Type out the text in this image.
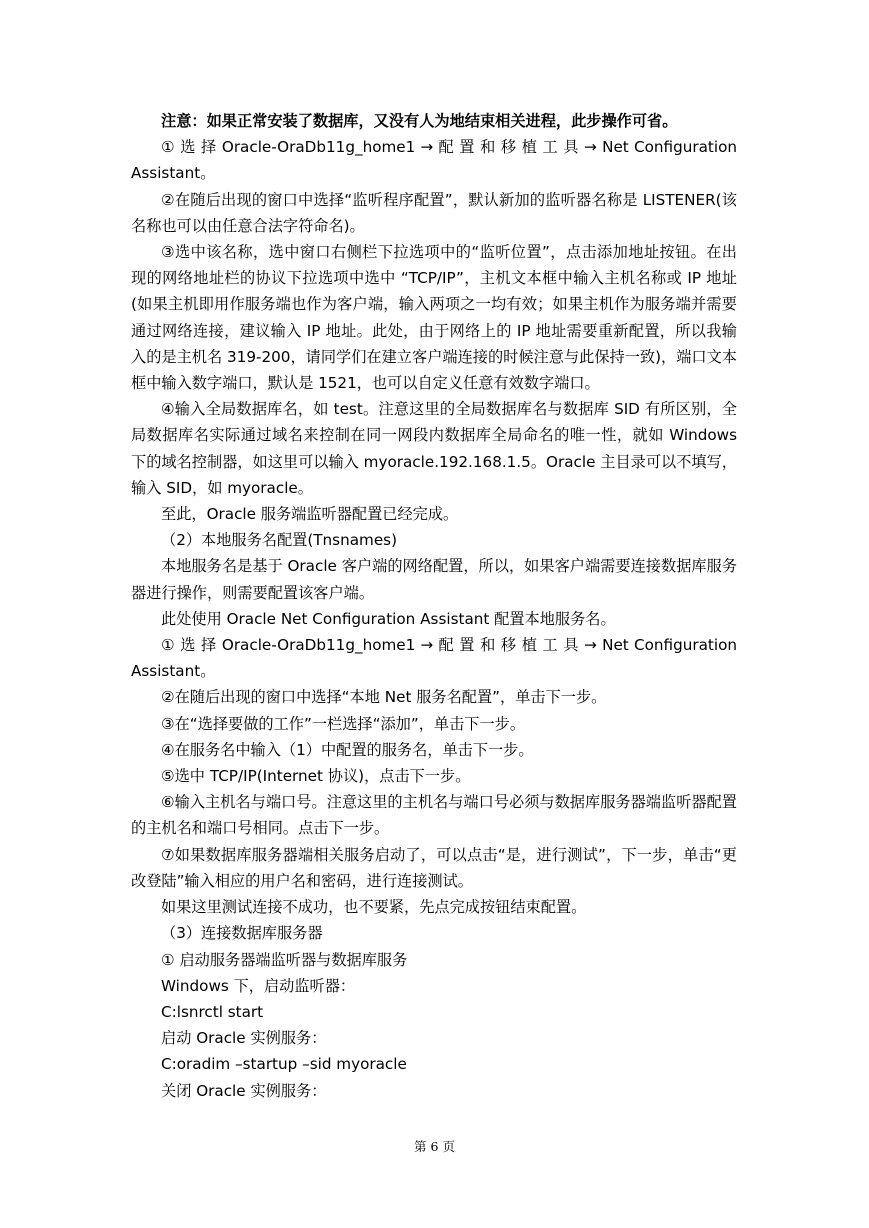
注意：如果正常安装了数据库，又没有人为地结束相关进程，此步操作可省。

① 选 择 Oracle-OraDb11g_home1 → 配 置 和 移 植 工 具 → Net Configuration

Assistant。

②在随后出现的窗口中选择“监听程序配置”，默认新加的监听器名称是 LISTENER(该名称也可以由任意合法字符命名)。

③选中该名称，选中窗口右侧栏下拉选项中的“监听位置”，点击添加地址按钮。在出现的网络地址栏的协议下拉选项中选中 “TCP/IP”，主机文本框中输入主机名称或 IP 地址(如果主机即用作服务端也作为客户端，输入两项之一均有效；如果主机作为服务端并需要通过网络连接，建议输入 IP 地址。此处，由于网络上的 IP 地址需要重新配置，所以我输入的是主机名 319-200，请同学们在建立客户端连接的时候注意与此保持一致)，端口文本框中输入数字端口，默认是 1521，也可以自定义任意有效数字端口。

④输入全局数据库名，如 test。注意这里的全局数据库名与数据库 SID 有所区别，全局数据库名实际通过域名来控制在同一网段内数据库全局命名的唯一性，就如 Windows 下的域名控制器，如这里可以输入 myoracle.192.168.1.5。Oracle 主目录可以不填写，输入 SID，如 myoracle。

至此，Oracle 服务端监听器配置已经完成。

（2）本地服务名配置(Tnsnames)

本地服务名是基于 Oracle 客户端的网络配置，所以，如果客户端需要连接数据库服务器进行操作，则需要配置该客户端。

此处使用 Oracle Net Configuration Assistant 配置本地服务名。

① 选 择 Oracle-OraDb11g_home1 → 配 置 和 移 植 工 具 → Net Configuration

Assistant。

②在随后出现的窗口中选择“本地 Net 服务名配置”，单击下一步。

③在“选择要做的工作”一栏选择“添加”，单击下一步。

④在服务名中输入（1）中配置的服务名，单击下一步。

⑤选中 TCP/IP(Internet 协议)，点击下一步。

⑥输入主机名与端口号。注意这里的主机名与端口号必须与数据库服务器端监听器配置的主机名和端口号相同。点击下一步。

⑦如果数据库服务器端相关服务启动了，可以点击“是，进行测试”，下一步，单击“更改登陆”输入相应的用户名和密码，进行连接测试。

如果这里测试连接不成功，也不要紧，先点完成按钮结束配置。

（3）连接数据库服务器

① 启动服务器端监听器与数据库服务

Windows 下，启动监听器：

C:lsnrctl start

启动 Oracle 实例服务：

C:oradim –startup –sid myoracle

关闭 Oracle 实例服务：

第 6 页
